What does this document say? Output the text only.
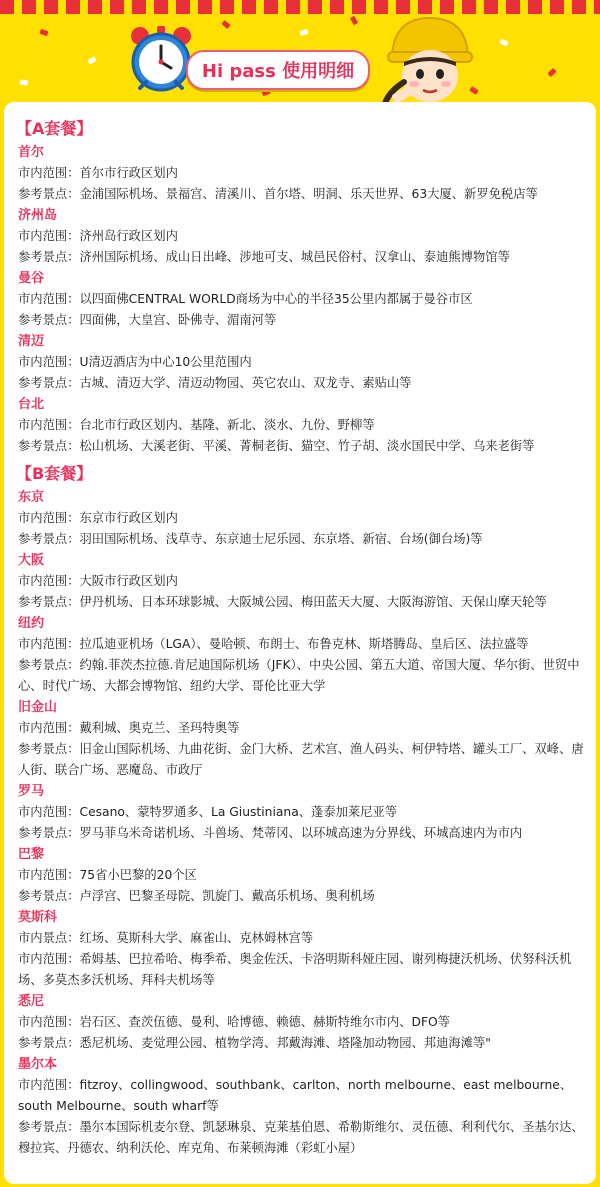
Hi pass 使用明细
【A套餐】
首尔
市内范围：首尔市行政区划内
参考景点：金浦国际机场、景福宫、清溪川、首尔塔、明洞、乐天世界、63大厦、新罗免税店等
济州岛
市内范围：济州岛行政区划内
参考景点：济州国际机场、成山日出峰、涉地可支、城邑民俗村、汉拿山、泰迪熊博物馆等
曼谷
市内范围：以四面佛CENTRAL WORLD商场为中心的半径35公里内都属于曼谷市区
参考景点：四面佛，大皇宫、卧佛寺、湄南河等
清迈
市内范围：U清迈酒店为中心10公里范围内
参考景点：古城、清迈大学、清迈动物园、英它农山、双龙寺、素贴山等
台北
市内范围：台北市行政区划内、基隆、新北、淡水、九份、野柳等
参考景点：松山机场、大溪老街、平溪、菁桐老街、猫空、竹子胡、淡水国民中学、乌来老街等
【B套餐】
东京
市内范围：东京市行政区划内
参考景点：羽田国际机场、浅草寺、东京迪士尼乐园、东京塔、新宿、台场(御台场)等
大阪
市内范围：大阪市行政区划内
参考景点：伊丹机场、日本环球影城、大阪城公园、梅田蓝天大厦、大阪海游馆、天保山摩天轮等
纽约
市内范围：拉瓜迪亚机场（LGA）、曼哈顿、布朗士、布鲁克林、斯塔腾岛、皇后区、法拉盛等
参考景点：约翰.菲茨杰拉德.肯尼迪国际机场（JFK）、中央公园、第五大道、帝国大厦、华尔街、世贸中心、时代广场、大都会博物馆、纽约大学、哥伦比亚大学
旧金山
市内范围：戴利城、奥克兰、圣玛特奥等
参考景点：旧金山国际机场、九曲花街、金门大桥、艺术宫、渔人码头、柯伊特塔、罐头工厂、双峰、唐人街、联合广场、恶魔岛、市政厅
罗马
市内范围：Cesano、蒙特罗通多、La Giustiniana、蓬泰加莱尼亚等
参考景点：罗马菲乌米奇诺机场、斗兽场、梵蒂冈、以环城高速为分界线、环城高速内为市内
巴黎
市内范围：75省小巴黎的20个区
参考景点：卢浮宫、巴黎圣母院、凯旋门、戴高乐机场、奥利机场
莫斯科
市内景点：红场、莫斯科大学、麻雀山、克林姆林宫等
市内范围：希姆基、巴拉希哈、梅季希、奥金佐沃、卡洛明斯科娅庄园、谢列梅捷沃机场、伏努科沃机场、多莫杰多沃机场、拜科夫机场等
悉尼
市内范围：岩石区、查茨伍德、曼利、哈博德、赖德、赫斯特维尔市内、DFO等
参考景点：悉尼机场、麦觉理公园、植物学湾、邦戴海滩、塔隆加动物园、邦迪海滩等"
墨尔本
市内范围：fitzroy、collingwood、southbank、carlton、north melbourne、east melbourne、south Melbourne、south wharf等
参考景点：墨尔本国际机麦尔登、凯瑟琳泉、克莱基伯恩、希勒斯维尔、灵伍德、利利代尔、圣基尔达、穆拉宾、丹德农、纳利沃伦、库克角、布莱顿海滩（彩虹小屋）
